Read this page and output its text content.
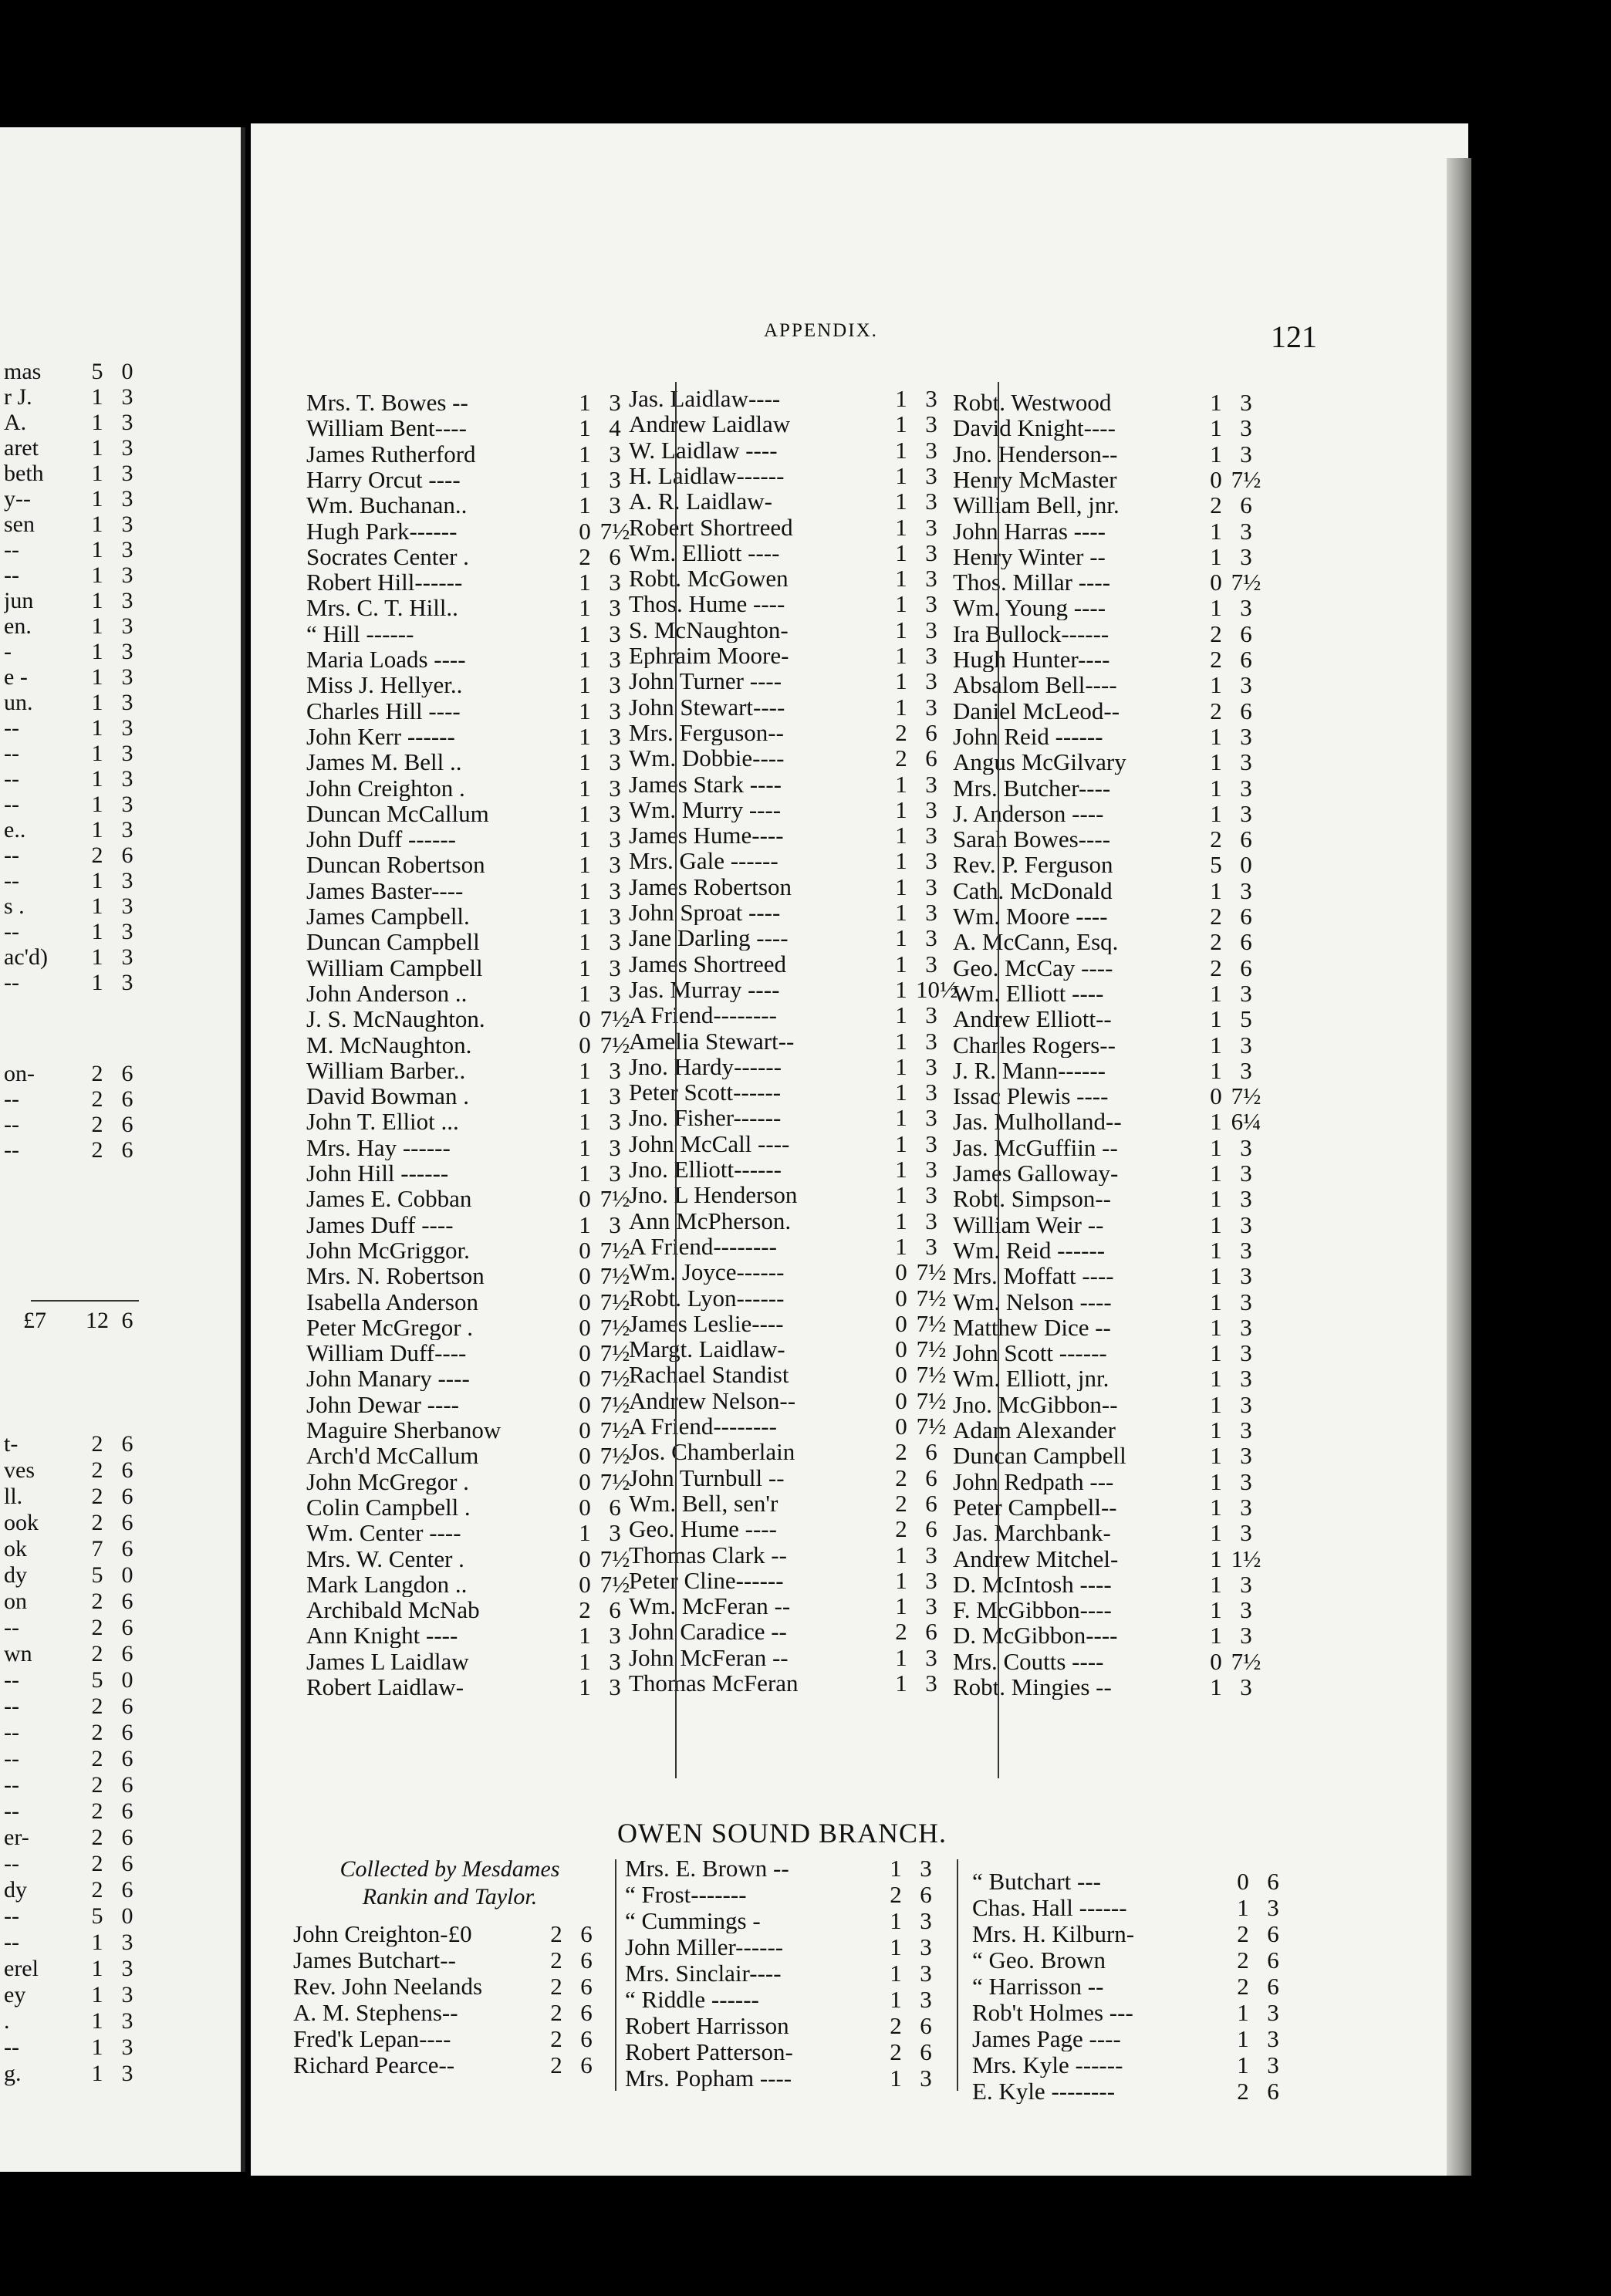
mas	5 0
r J.	1 3
A.	1 3
aret	1 3
beth	1 3
y--	1 3
sen	1 3
--	1 3
--	1 3
jun	1 3
en.	1 3
-	1 3
e -	1 3
un.	1 3
--	1 3
--	1 3
--	1 3
--	1 3
e..	1 3
--	2 6
--	1 3
s .	1 3
--	1 3
ac'd)	1 3
--	1 3
on-	2 6
--	2 6
--	2 6
--	2 6
£7	12 6
t-	2 6
ves	2 6
ll.	2 6
ook	2 6
ok	7 6
dy	5 0
on	2 6
--	2 6
wn	2 6
--	5 0
--	2 6
--	2 6
--	2 6
--	2 6
--	2 6
er-	2 6
--	2 6
dy	2 6
--	5 0
--	1 3
erel	1 3
ey	1 3
.	1 3
--	1 3
g.	1 3
APPENDIX.	121
Mrs. T. Bowes --	1 3
William Bent----	1 4
James Rutherford	1 3
Harry Orcut ----	1 3
Wm. Buchanan..	1 3
Hugh Park------	0 7½
Socrates Center .	2 6
Robert Hill------	1 3
Mrs. C. T. Hill..	1 3
“ Hill ------	1 3
Maria Loads ----	1 3
Miss J. Hellyer..	1 3
Charles Hill ----	1 3
John Kerr ------	1 3
James M. Bell ..	1 3
John Creighton .	1 3
Duncan McCallum	1 3
John Duff ------	1 3
Duncan Robertson	1 3
James Baster----	1 3
James Campbell.	1 3
Duncan Campbell	1 3
William Campbell	1 3
John Anderson ..	1 3
J. S. McNaughton.	0 7½
M. McNaughton.	0 7½
William Barber..	1 3
David Bowman .	1 3
John T. Elliot ...	1 3
Mrs. Hay ------	1 3
John Hill ------	1 3
James E. Cobban	0 7½
James Duff ----	1 3
John McGriggor.	0 7½
Mrs. N. Robertson	0 7½
Isabella Anderson	0 7½
Peter McGregor .	0 7½
William Duff----	0 7½
John Manary ----	0 7½
John Dewar ----	0 7½
Maguire Sherbanow	0 7½
Arch'd McCallum	0 7½
John McGregor .	0 7½
Colin Campbell .	0 6
Wm. Center ----	1 3
Mrs. W. Center .	0 7½
Mark Langdon ..	0 7½
Archibald McNab	2 6
Ann Knight ----	1 3
James L Laidlaw	1 3
Robert Laidlaw-	1 3
Jas. Laidlaw----	1 3
Andrew Laidlaw	1 3
W. Laidlaw ----	1 3
H. Laidlaw------	1 3
A. R. Laidlaw-	1 3
Robert Shortreed	1 3
Wm. Elliott ----	1 3
Robt. McGowen	1 3
Thos. Hume ----	1 3
S. McNaughton-	1 3
Ephraim Moore-	1 3
John Turner ----	1 3
John Stewart----	1 3
Mrs. Ferguson--	2 6
Wm. Dobbie----	2 6
James Stark ----	1 3
Wm. Murry ----	1 3
James Hume----	1 3
Mrs. Gale ------	1 3
James Robertson	1 3
John Sproat ----	1 3
Jane Darling ----	1 3
James Shortreed	1 3
Jas. Murray ----	1 10½
A Friend--------	1 3
Amelia Stewart--	1 3
Jno. Hardy------	1 3
Peter Scott------	1 3
Jno. Fisher------	1 3
John McCall ----	1 3
Jno. Elliott------	1 3
Jno. L Henderson	1 3
Ann McPherson.	1 3
A Friend--------	1 3
Wm. Joyce------	0 7½
Robt. Lyon------	0 7½
James Leslie----	0 7½
Margt. Laidlaw-	0 7½
Rachael Standist	0 7½
Andrew Nelson--	0 7½
A Friend--------	0 7½
Jos. Chamberlain	2 6
John Turnbull --	2 6
Wm. Bell, sen'r	2 6
Geo. Hume ----	2 6
Thomas Clark --	1 3
Peter Cline------	1 3
Wm. McFeran --	1 3
John Caradice --	2 6
John McFeran --	1 3
Thomas McFeran	1 3
Robt. Westwood	1 3
David Knight----	1 3
Jno. Henderson--	1 3
Henry McMaster	0 7½
William Bell, jnr.	2 6
John Harras ----	1 3
Henry Winter --	1 3
Thos. Millar ----	0 7½
Wm. Young ----	1 3
Ira Bullock------	2 6
Hugh Hunter----	2 6
Absalom Bell----	1 3
Daniel McLeod--	2 6
John Reid ------	1 3
Angus McGilvary	1 3
Mrs. Butcher----	1 3
J. Anderson ----	1 3
Sarah Bowes----	2 6
Rev. P. Ferguson	5 0
Cath. McDonald	1 3
Wm. Moore ----	2 6
A. McCann, Esq.	2 6
Geo. McCay ----	2 6
Wm. Elliott ----	1 3
Andrew Elliott--	1 5
Charles Rogers--	1 3
J. R. Mann------	1 3
Issac Plewis ----	0 7½
Jas. Mulholland--	1 6¼
Jas. McGuffiin --	1 3
James Galloway-	1 3
Robt. Simpson--	1 3
William Weir --	1 3
Wm. Reid ------	1 3
Mrs. Moffatt ----	1 3
Wm. Nelson ----	1 3
Matthew Dice --	1 3
John Scott ------	1 3
Wm. Elliott, jnr.	1 3
Jno. McGibbon--	1 3
Adam Alexander	1 3
Duncan Campbell	1 3
John Redpath ---	1 3
Peter Campbell--	1 3
Jas. Marchbank-	1 3
Andrew Mitchel-	1 1½
D. McIntosh ----	1 3
F. McGibbon----	1 3
D. McGibbon----	1 3
Mrs. Coutts ----	0 7½
Robt. Mingies --	1 3
OWEN SOUND BRANCH.
Collected by Mesdames
Rankin and Taylor.
John Creighton-£0	2 6
James Butchart--	2 6
Rev. John Neelands	2 6
A. M. Stephens--	2 6
Fred'k Lepan----	2 6
Richard Pearce--	2 6
Mrs. E. Brown --	1 3
“ Frost-------	2 6
“ Cummings -	1 3
John Miller------	1 3
Mrs. Sinclair----	1 3
“ Riddle ------	1 3
Robert Harrisson	2 6
Robert Patterson-	2 6
Mrs. Popham ----	1 3
“ Butchart ---	0 6
Chas. Hall ------	1 3
Mrs. H. Kilburn-	2 6
“ Geo. Brown	2 6
“ Harrisson --	2 6
Rob't Holmes ---	1 3
James Page ----	1 3
Mrs. Kyle ------	1 3
E. Kyle --------	2 6
